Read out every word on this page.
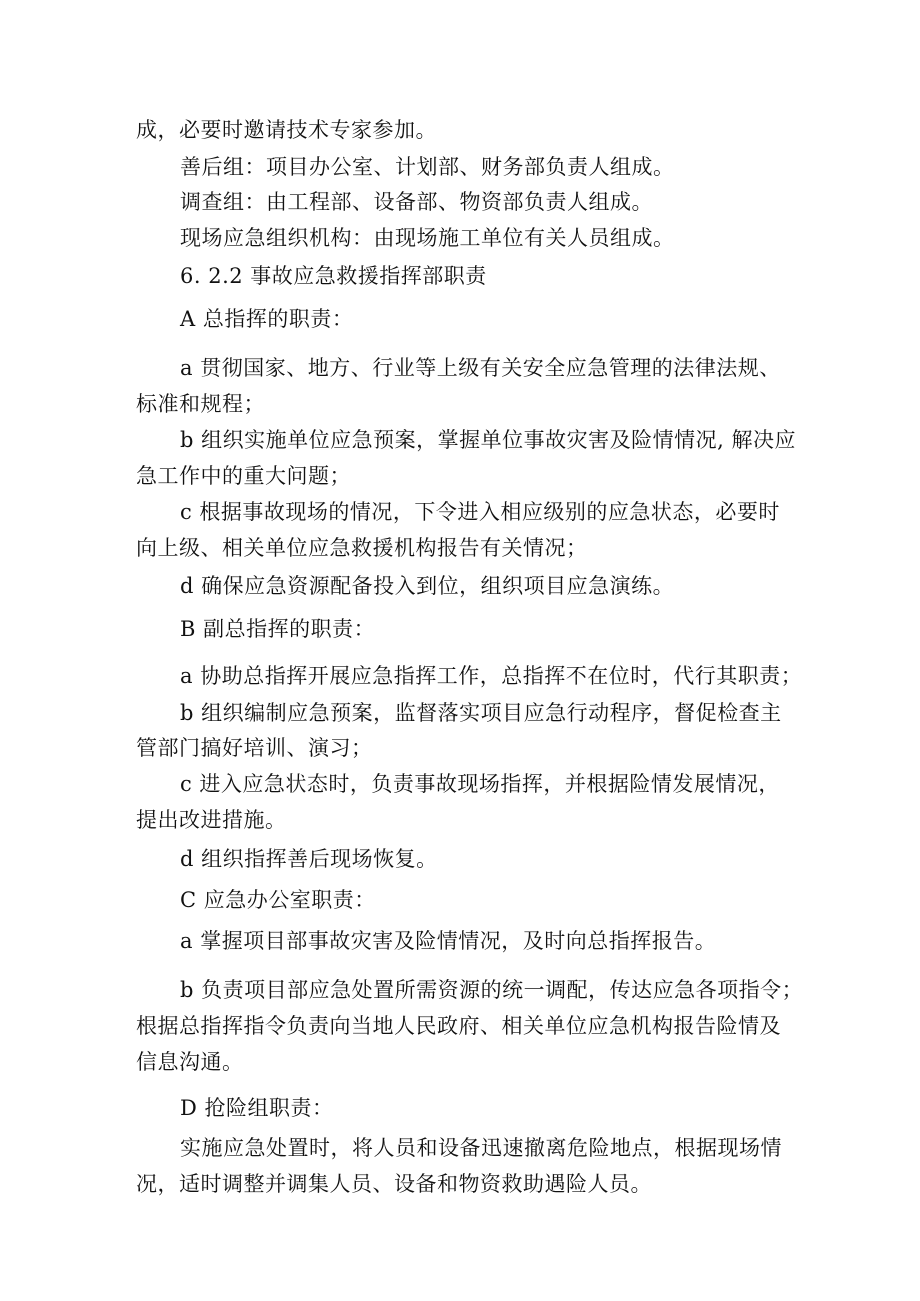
成，必要时邀请技术专家参加。
善后组：项目办公室、计划部、财务部负责人组成。
调查组：由工程部、设备部、物资部负责人组成。
现场应急组织机构：由现场施工单位有关人员组成。
6. 2.2 事故应急救援指挥部职责
A 总指挥的职责：
a 贯彻国家、地方、行业等上级有关安全应急管理的法律法规、
标准和规程；
b 组织实施单位应急预案，掌握单位事故灾害及险情情况, 解决应
急工作中的重大问题；
c 根据事故现场的情况，下令进入相应级别的应急状态，必要时
向上级、相关单位应急救援机构报告有关情况；
d 确保应急资源配备投入到位，组织项目应急演练。
B 副总指挥的职责：
a 协助总指挥开展应急指挥工作，总指挥不在位时，代行其职责；
b 组织编制应急预案，监督落实项目应急行动程序，督促检查主
管部门搞好培训、演习；
c 进入应急状态时，负责事故现场指挥，并根据险情发展情况，
提出改进措施。
d 组织指挥善后现场恢复。
C 应急办公室职责：
a 掌握项目部事故灾害及险情情况，及时向总指挥报告。
b 负责项目部应急处置所需资源的统一调配，传达应急各项指令；
根据总指挥指令负责向当地人民政府、相关单位应急机构报告险情及
信息沟通。
D 抢险组职责：
实施应急处置时，将人员和设备迅速撤离危险地点，根据现场情
况，适时调整并调集人员、设备和物资救助遇险人员。
